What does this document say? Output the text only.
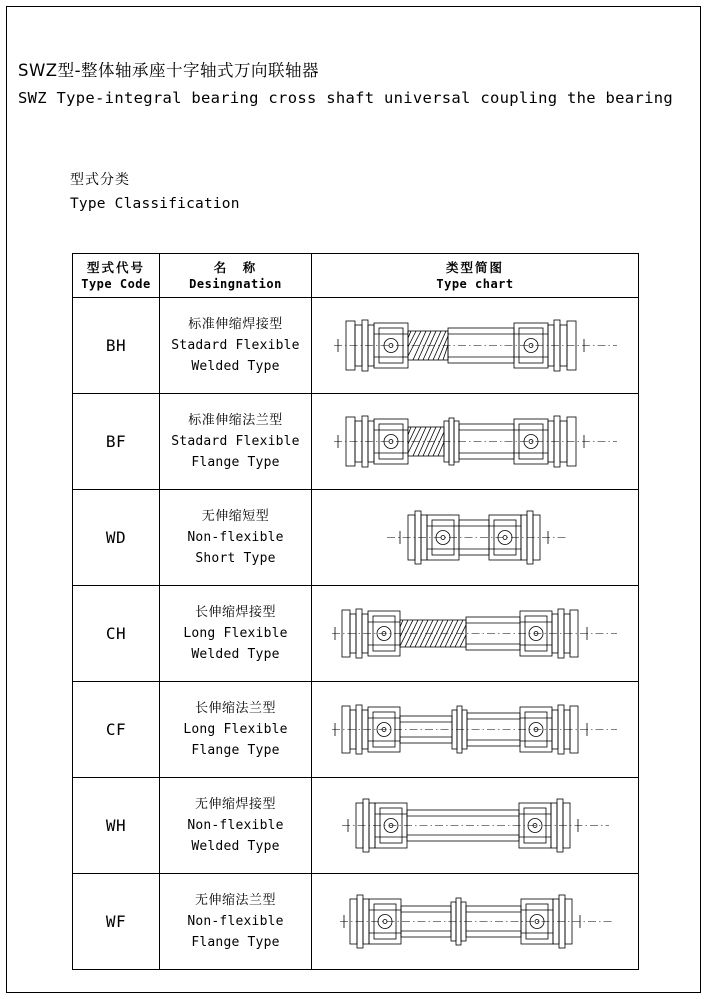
SWZ型-整体轴承座十字轴式万向联轴器
SWZ Type-integral bearing cross shaft universal coupling the bearing
型式分类
Type Classification
型式代号
Type Code

名　称
Desingnation

类型简图
Type chart

BH	标准伸缩焊接型
Stadard Flexible
Welded Type

BF	标准伸缩法兰型
Stadard Flexible
Flange Type

WD	无伸缩短型
Non-flexible
Short Type

CH	长伸缩焊接型
Long Flexible
Welded Type

CF	长伸缩法兰型
Long Flexible
Flange Type

WH	无伸缩焊接型
Non-flexible
Welded Type

WF	无伸缩法兰型
Non-flexible
Flange Type
